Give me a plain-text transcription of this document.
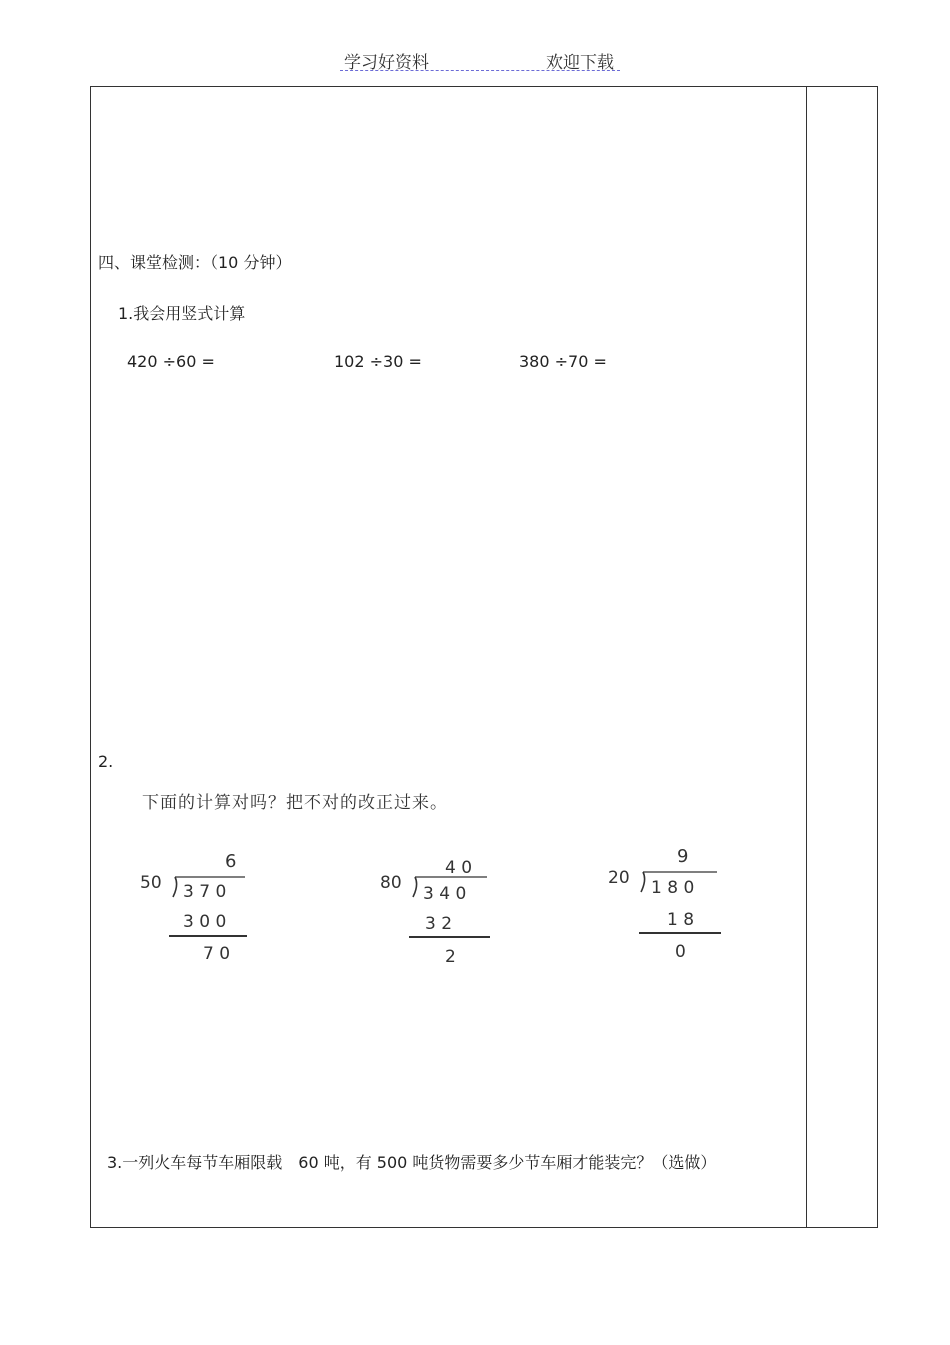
学习好资料	欢迎下载
四、课堂检测：（10 分钟）
1.我会用竖式计算
420 ÷60 =	102 ÷30 =	380 ÷70 =
2.
下面的计算对吗？把不对的改正过来。
6
50 3 7 0
3 0 0
7 0
4 0
80
3 4 0
3 2
2
9
20 1 8 0
1 8
0
3.一列火车每节车厢限载　60 吨，有 500 吨货物需要多少节车厢才能装完？（选做）
